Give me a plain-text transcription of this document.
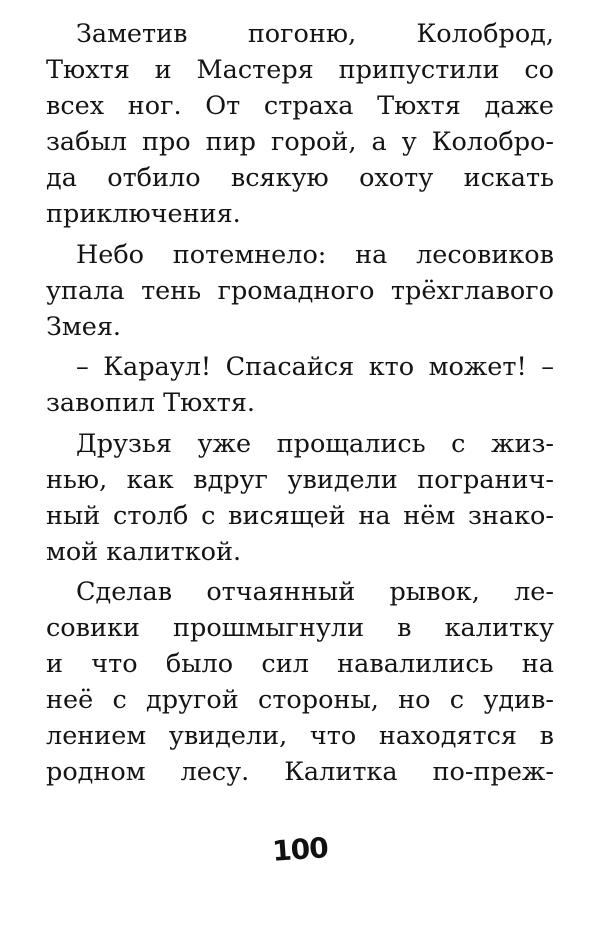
Заметив погоню, Колоброд,
Тюхтя и Мастеря припустили со
всех ног. От страха Тюхтя даже
забыл про пир горой, а у Колобро-
да отбило всякую охоту искать
приключения.
Небо потемнело: на лесовиков
упала тень громадного трёхглавого
Змея.
– Караул! Спасайся кто может! –
завопил Тюхтя.
Друзья уже прощались с жиз-
нью, как вдруг увидели погранич-
ный столб с висящей на нём знако-
мой калиткой.
Сделав отчаянный рывок, ле-
совики прошмыгнули в калитку
и что было сил навалились на
неё с другой стороны, но с удив-
лением увидели, что находятся в
родном лесу. Калитка по-преж-
100
